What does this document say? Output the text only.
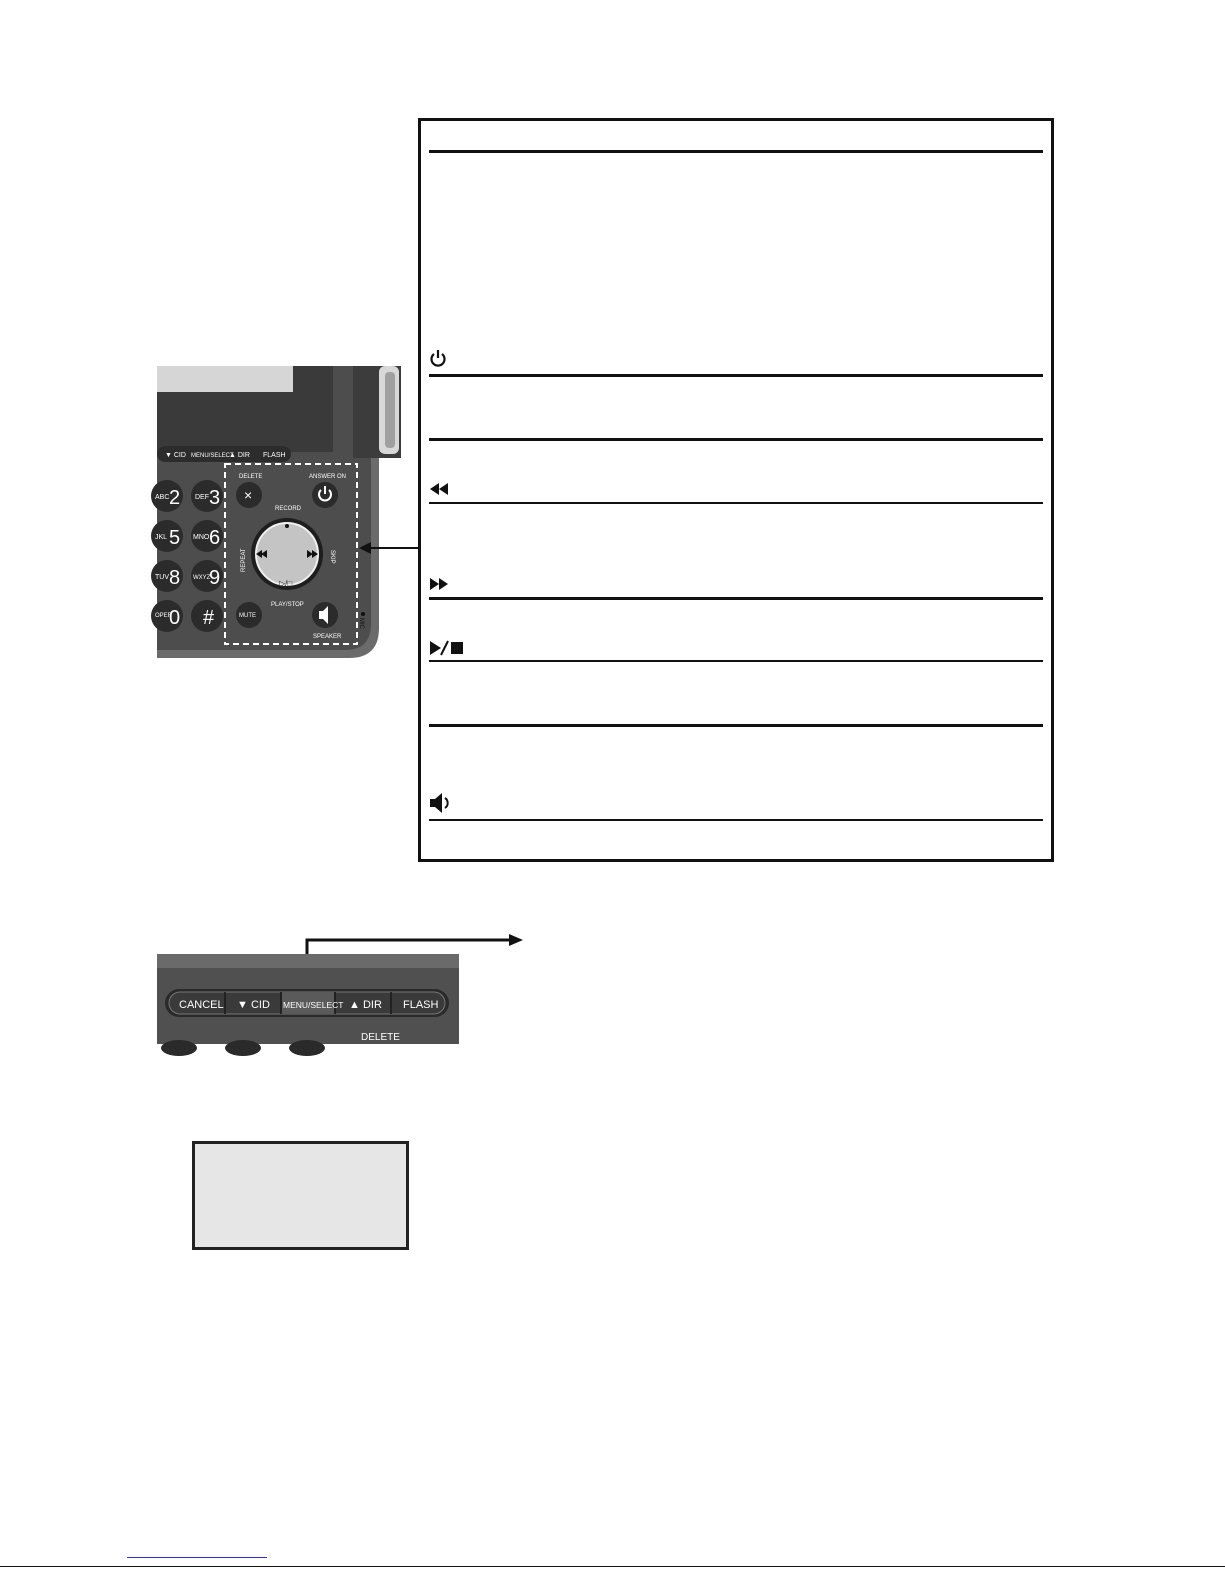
▼ CID MENU/SELECT
▲ DIR FLASH
ABC 2 DEF 3
JKL 5 MNO 6
TUV 8 WXYZ
9
OPER
0 #
DELETE
×
ANSWER ON
RECORD
REPEAT	SKIP
▷/□
PLAY/STOP
MUTE
SPEAKER
MIC
CANCEL ▼ CID MENU/SELECT ▲ DIR FLASH
DELETE
